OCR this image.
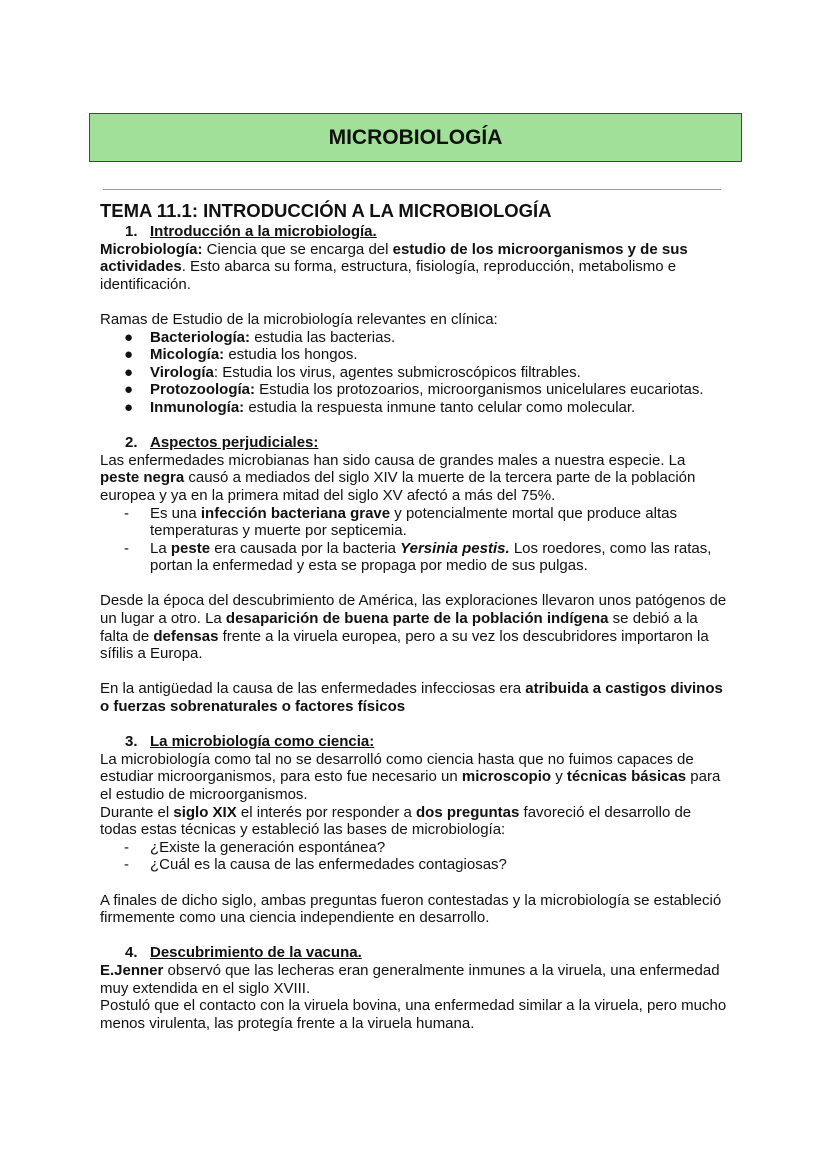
MICROBIOLOGÍA
TEMA 11.1: INTRODUCCIÓN A LA MICROBIOLOGÍA
1. Introducción a la microbiología.
Microbiología: Ciencia que se encarga del estudio de los microorganismos y de sus actividades. Esto abarca su forma, estructura, fisiología, reproducción, metabolismo e identificación.
Ramas de Estudio de la microbiología relevantes en clínica:
● Bacteriología: estudia las bacterias.
● Micología: estudia los hongos.
● Virología: Estudia los virus, agentes submicroscópicos filtrables.
● Protozoología: Estudia los protozoarios, microorganismos unicelulares eucariotas.
● Inmunología: estudia la respuesta inmune tanto celular como molecular.
2. Aspectos perjudiciales:
Las enfermedades microbianas han sido causa de grandes males a nuestra especie. La peste negra causó a mediados del siglo XIV la muerte de la tercera parte de la población europea y ya en la primera mitad del siglo XV afectó a más del 75%.
- Es una infección bacteriana grave y potencialmente mortal que produce altas temperaturas y muerte por septicemia.
- La peste era causada por la bacteria Yersinia pestis. Los roedores, como las ratas, portan la enfermedad y esta se propaga por medio de sus pulgas.
Desde la época del descubrimiento de América, las exploraciones llevaron unos patógenos de un lugar a otro. La desaparición de buena parte de la población indígena se debió a la falta de defensas frente a la viruela europea, pero a su vez los descubridores importaron la sífilis a Europa.
En la antigüedad la causa de las enfermedades infecciosas era atribuida a castigos divinos o fuerzas sobrenaturales o factores físicos
3. La microbiología como ciencia:
La microbiología como tal no se desarrolló como ciencia hasta que no fuimos capaces de estudiar microorganismos, para esto fue necesario un microscopio y técnicas básicas para el estudio de microorganismos.
Durante el siglo XIX el interés por responder a dos preguntas favoreció el desarrollo de todas estas técnicas y estableció las bases de microbiología:
- ¿Existe la generación espontánea?
- ¿Cuál es la causa de las enfermedades contagiosas?
A finales de dicho siglo, ambas preguntas fueron contestadas y la microbiología se estableció firmemente como una ciencia independiente en desarrollo.
4. Descubrimiento de la vacuna.
E.Jenner observó que las lecheras eran generalmente inmunes a la viruela, una enfermedad muy extendida en el siglo XVIII.
Postuló que el contacto con la viruela bovina, una enfermedad similar a la viruela, pero mucho menos virulenta, las protegía frente a la viruela humana.
